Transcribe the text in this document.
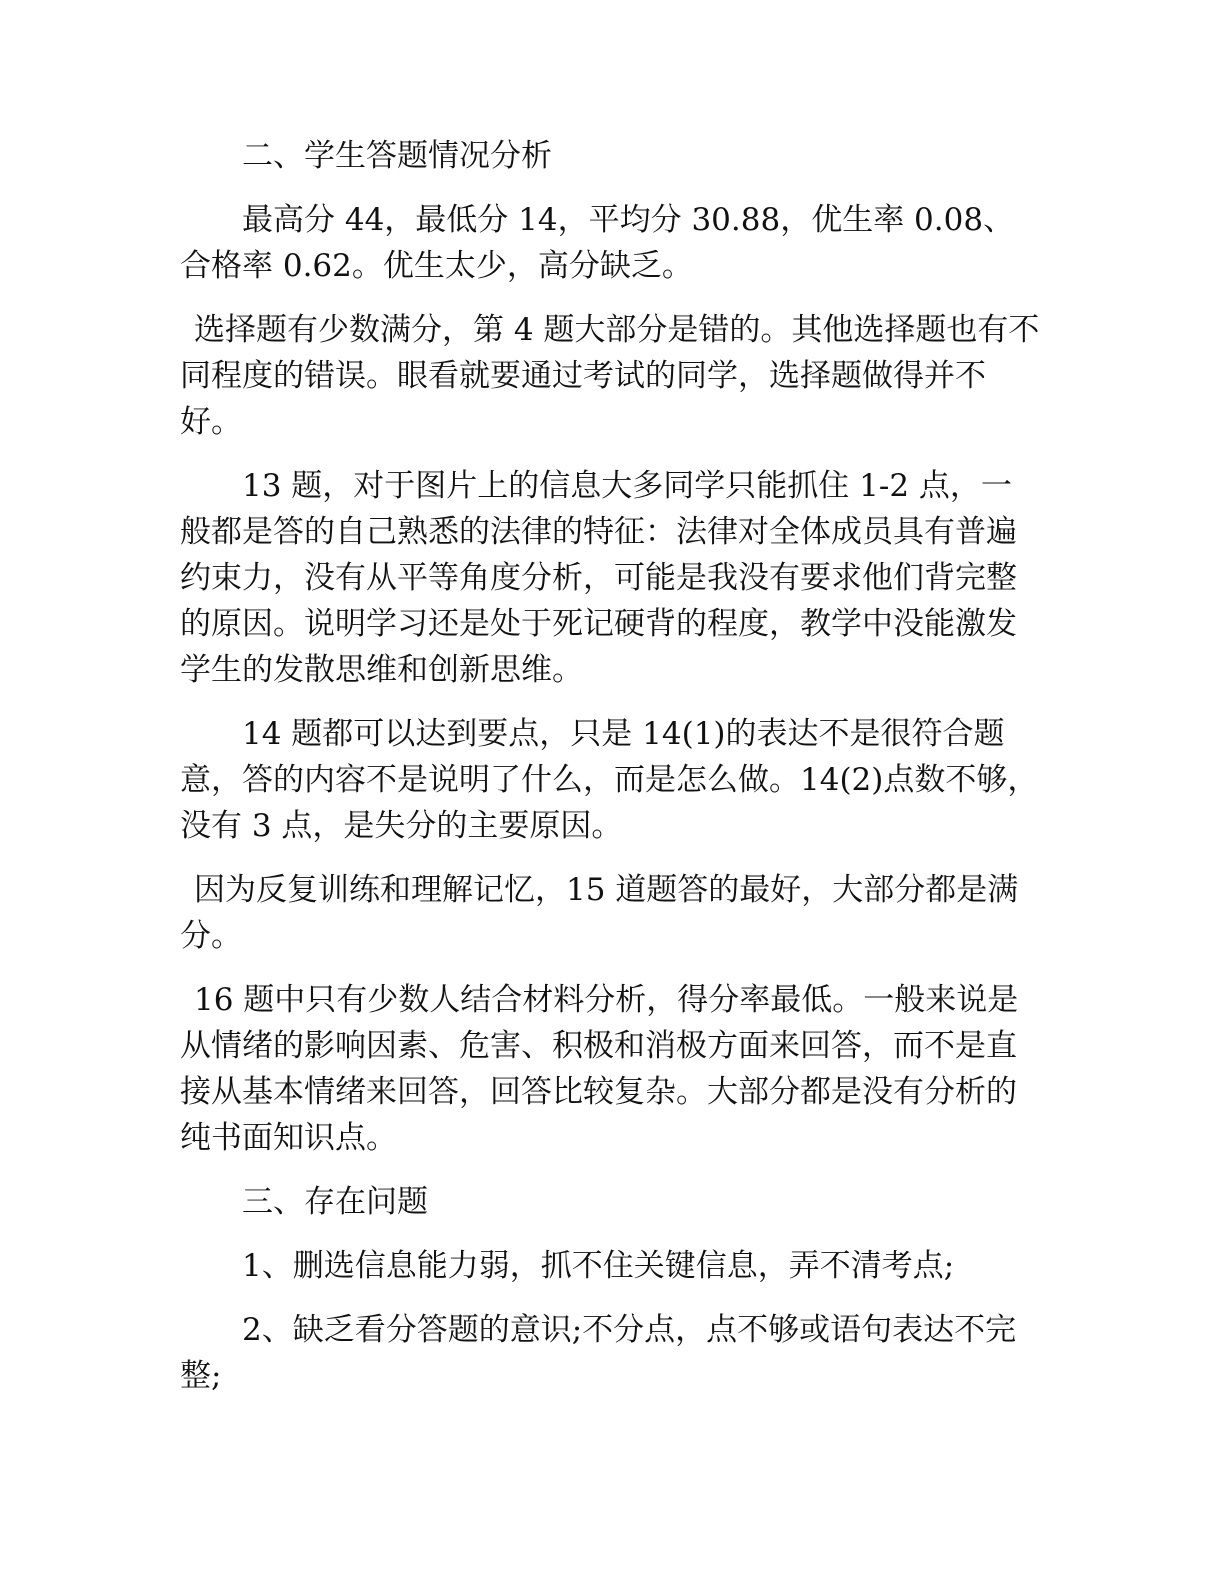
二、学生答题情况分析

最高分 44，最低分 14，平均分 30.88，优生率 0.08、合格率 0.62。优生太少，高分缺乏。

选择题有少数满分，第 4 题大部分是错的。其他选择题也有不同程度的错误。眼看就要通过考试的同学，选择题做得并不好。

13 题，对于图片上的信息大多同学只能抓住 1-2 点，一般都是答的自己熟悉的法律的特征：法律对全体成员具有普遍约束力，没有从平等角度分析，可能是我没有要求他们背完整的原因。说明学习还是处于死记硬背的程度，教学中没能激发学生的发散思维和创新思维。

14 题都可以达到要点，只是 14(1)的表达不是很符合题意，答的内容不是说明了什么，而是怎么做。14(2)点数不够，没有 3 点，是失分的主要原因。

因为反复训练和理解记忆，15 道题答的最好，大部分都是满分。

16 题中只有少数人结合材料分析，得分率最低。一般来说是从情绪的影响因素、危害、积极和消极方面来回答，而不是直接从基本情绪来回答，回答比较复杂。大部分都是没有分析的纯书面知识点。

三、存在问题

1、删选信息能力弱，抓不住关键信息，弄不清考点;

2、缺乏看分答题的意识;不分点，点不够或语句表达不完整;
